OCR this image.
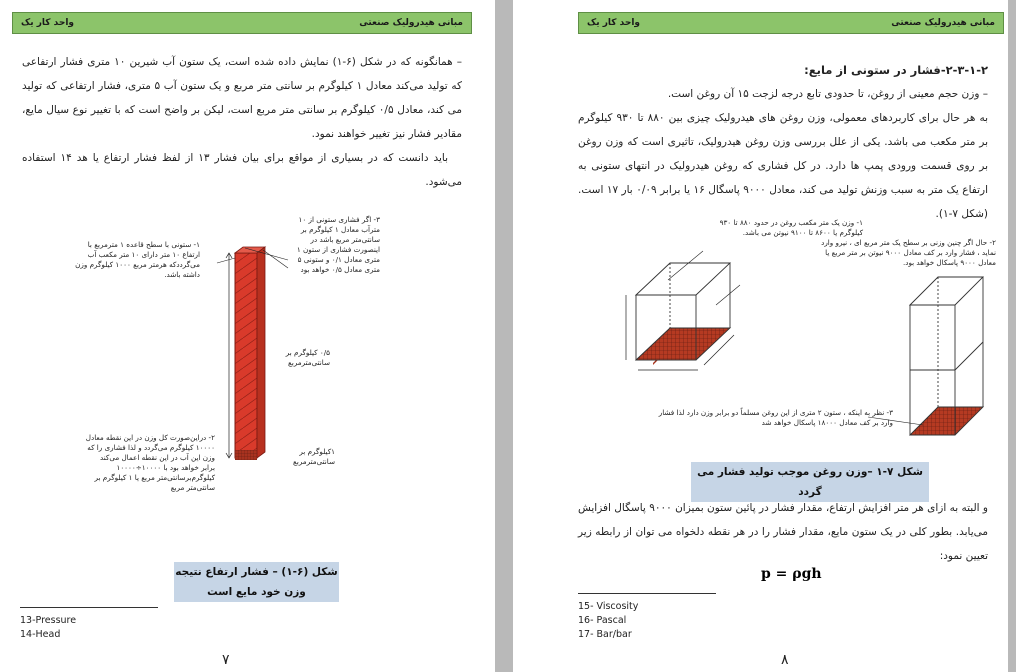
مبانی هیدرولیک صنعتی
واحد کار یک

– همانگونه که در شکل (۶-۱) نمایش داده شده است، یک ستون آب شیرین ۱۰ متری فشار ارتفاعی که تولید می‌کند معادل ۱ کیلوگرم بر سانتی متر مربع و یک ستون آب ۵ متری، فشار ارتفاعی که تولید می کند، معادل ۰/۵ کیلوگرم بر سانتی متر مربع است، لیکن بر واضح است که با تغییر نوع سیال مایع، مقادیر فشار نیز تغییر خواهند نمود.

باید دانست که در بسیاری از مواقع برای بیان فشار ۱۳ از لفظ فشار ارتفاع یا هد ۱۴ استفاده می‌شود.

۱- ستونی با سطح قاعده ۱ مترمربع با ارتفاع ۱۰ متر دارای ۱۰ متر مکعب آب می‌گرددکه هرمتر مربع ۱۰۰۰ کیلوگرم وزن داشته باشد.
۳- اگر فشاری ستونی از ۱۰ مترآب معادل ۱ کیلوگرم بر سانتی‌متر مربع باشد در اینصورت فشاری از ستون ۱ متری معادل ۰/۱ و ستونی ۵ متری معادل ۰/۵ خواهد بود
۰/۵ کیلوگرم بر سانتی‌مترمربع
۲- دراین‌صورت کل وزن در این نقطه معادل ۱۰۰۰۰ کیلوگرم می‌گردد و لذا فشاری را که وزن این آب در این نقطه اعمال می‌کند برابر خواهد بود با ۱۰۰۰۰÷۱۰۰۰۰ کیلوگرم‌برسانتی‌متر مربع یا ۱ کیلوگرم بر سانتی‌متر مربع
۱کیلوگرم بر سانتی‌مترمربع
شکل (۶-۱) – فشار ارتفاع نتیجه وزن خود مایع است
13-Pressure
14-Head
۷
مبانی هیدرولیک صنعتی
واحد کار یک

۲-۳-۱-۲-فشار در ستونی از مایع:

– وزن حجم معینی از روغن، تا حدودی تابع درجه لزجت ۱۵ آن روغن است.

به هر حال برای کاربردهای معمولی، وزن روغن های هیدرولیک چیزی بین ۸۸۰ تا ۹۳۰ کیلوگرم بر متر مکعب می باشد. یکی از علل بررسی وزن روغن هیدرولیک، تاثیری است که وزن روغن بر روی قسمت ورودی پمپ ها دارد. در کل فشاری که روغن هیدرولیک در انتهای ستونی به ارتفاع یک متر به سبب وزنش تولید می کند، معادل ۹۰۰۰ پاسگال ۱۶ یا برابر ۰/۰۹ بار ۱۷ است. (شکل ۷-۱).

۱- وزن یک متر مکعب روغن در حدود ۸۸۰ تا ۹۳۰ کیلوگرم یا ۸۶۰۰ تا ۹۱۰۰ نیوتن می باشد.
۲- حال اگر چنین وزنی بر سطح یک متر مربع ای ، نیرو وارد نماید ، فشار وارد بر کف معادل ۹۰۰۰ نیوتن بر متر مربع یا معادل ۹۰۰۰ پاسکال خواهد بود.
۳- نظر به اینکه ، ستون ۲ متری از این روغن مسلماً دو برابر وزن دارد لذا فشار وارد بر کف معادل ۱۸۰۰۰ پاسکال خواهد شد
شکل ۷-۱ –وزن روغن موجب تولید فشار می گردد

و البته به ازای هر متر افزایش ارتفاع، مقدار فشار در پائین ستون بمیزان ۹۰۰۰ پاسگال افزایش می‌یابد. بطور کلی در یک ستون مایع، مقدار فشار را در هر نقطه دلخواه می توان از رابطه زیر تعیین نمود:

p = ρgh
15- Viscosity
16- Pascal
17- Bar/bar
۸
